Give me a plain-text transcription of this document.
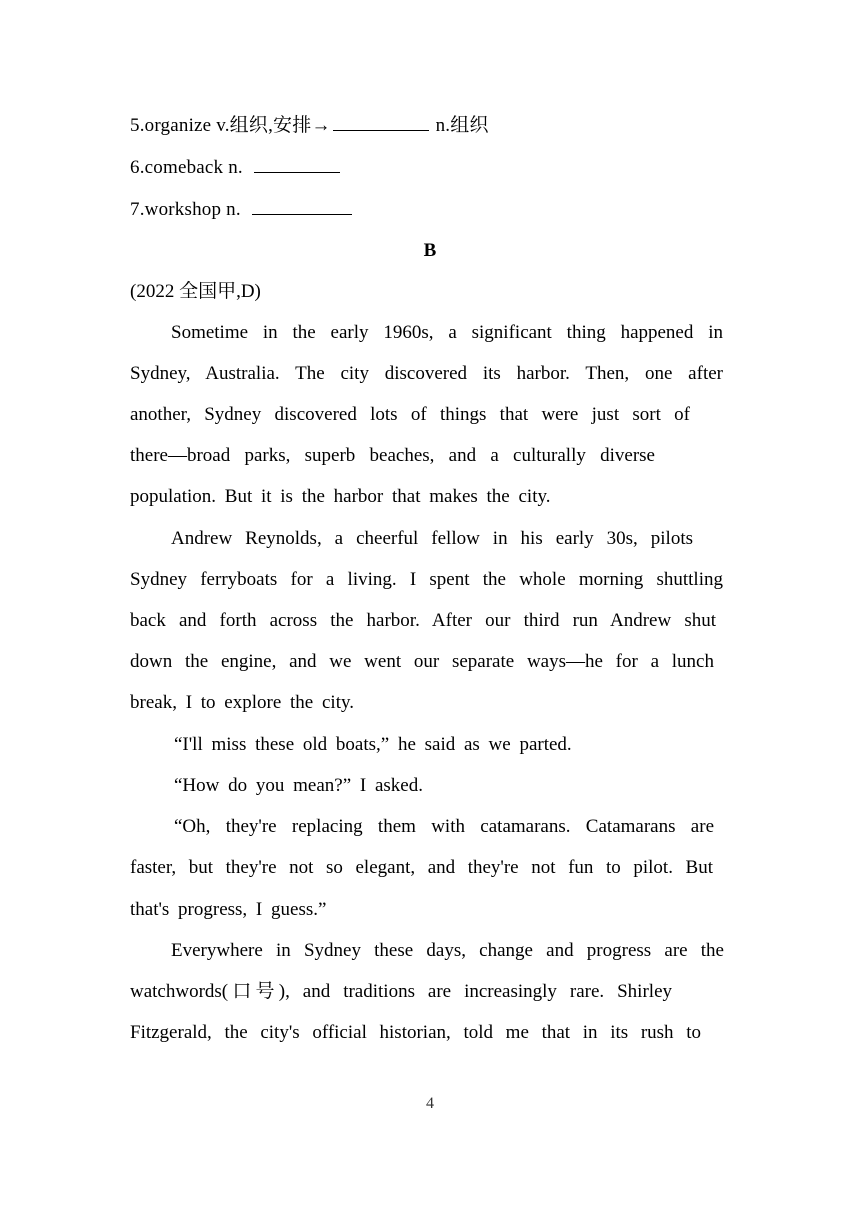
5.organize v.组织,安排→	n.组织
6.comeback n.
7.workshop n.
B
(2022 全国甲,D)
Sometime in the early 1960s, a significant thing happened in
Sydney, Australia. The city discovered its harbor. Then, one after
another, Sydney discovered lots of things that were just sort of
there—broad parks, superb beaches, and a culturally diverse
population. But it is the harbor that makes the city.
Andrew Reynolds, a cheerful fellow in his early 30s, pilots
Sydney ferryboats for a living. I spent the whole morning shuttling
back and forth across the harbor. After our third run Andrew shut
down the engine, and we went our separate ways—he for a lunch
break, I to explore the city.
“I'll miss these old boats,” he said as we parted.
“How do you mean?” I asked.
“Oh, they're replacing them with catamarans. Catamarans are
faster, but they're not so elegant, and they're not fun to pilot. But
that's progress, I guess.”
Everywhere in Sydney these days, change and progress are the
watchwords(口号), and traditions are increasingly rare. Shirley
Fitzgerald, the city's official historian, told me that in its rush to
4
